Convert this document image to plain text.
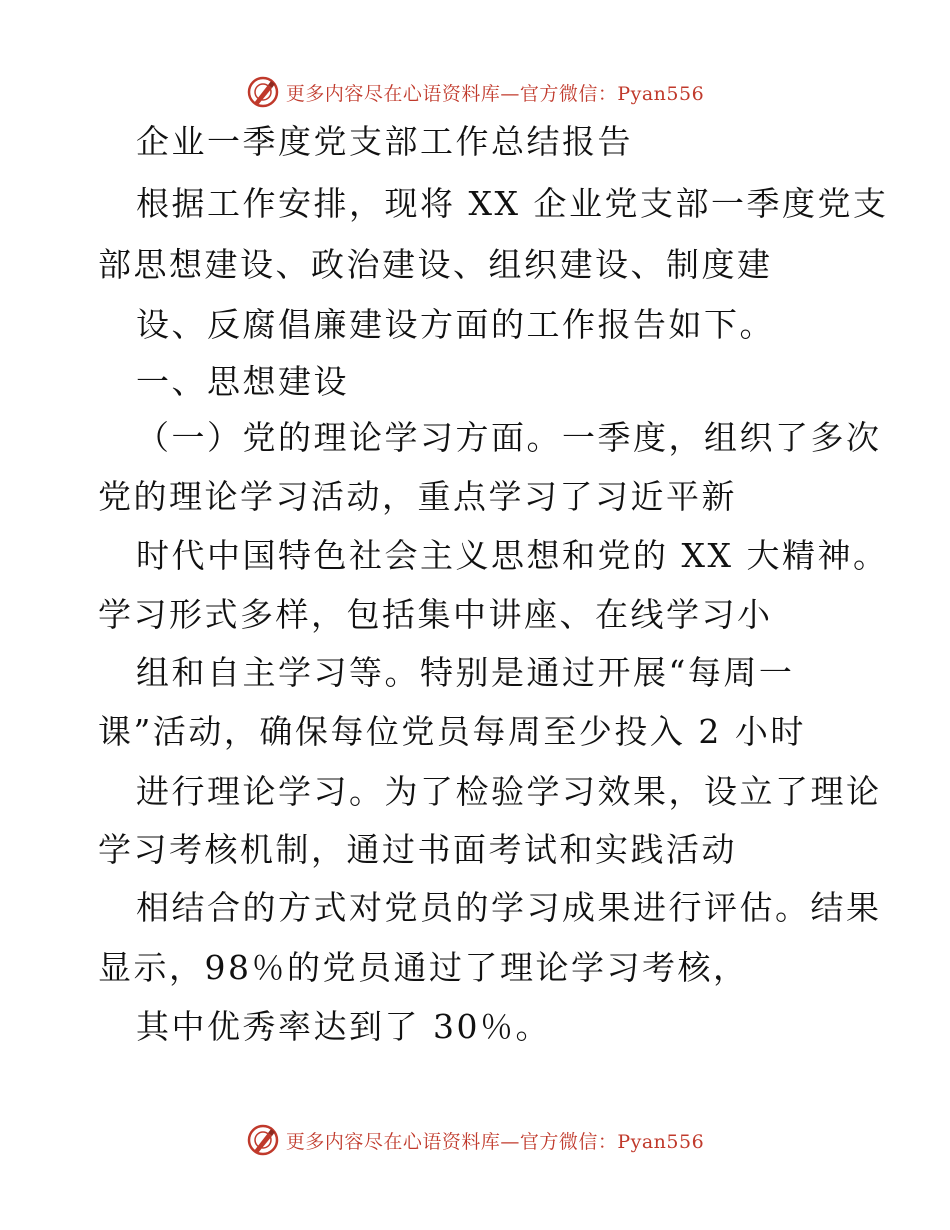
更多内容尽在心语资料库—官方微信：Pyan556
企业一季度党支部工作总结报告
根据工作安排，现将 XX 企业党支部一季度党支
部思想建设、政治建设、组织建设、制度建
设、反腐倡廉建设方面的工作报告如下。
一、思想建设
（一）党的理论学习方面。一季度，组织了多次
党的理论学习活动，重点学习了习近平新
时代中国特色社会主义思想和党的 XX 大精神。
学习形式多样，包括集中讲座、在线学习小
组和自主学习等。特别是通过开展“每周一
课”活动，确保每位党员每周至少投入 2 小时
进行理论学习。为了检验学习效果，设立了理论
学习考核机制，通过书面考试和实践活动
相结合的方式对党员的学习成果进行评估。结果
显示，98％的党员通过了理论学习考核，
其中优秀率达到了 30％。
更多内容尽在心语资料库—官方微信：Pyan556
